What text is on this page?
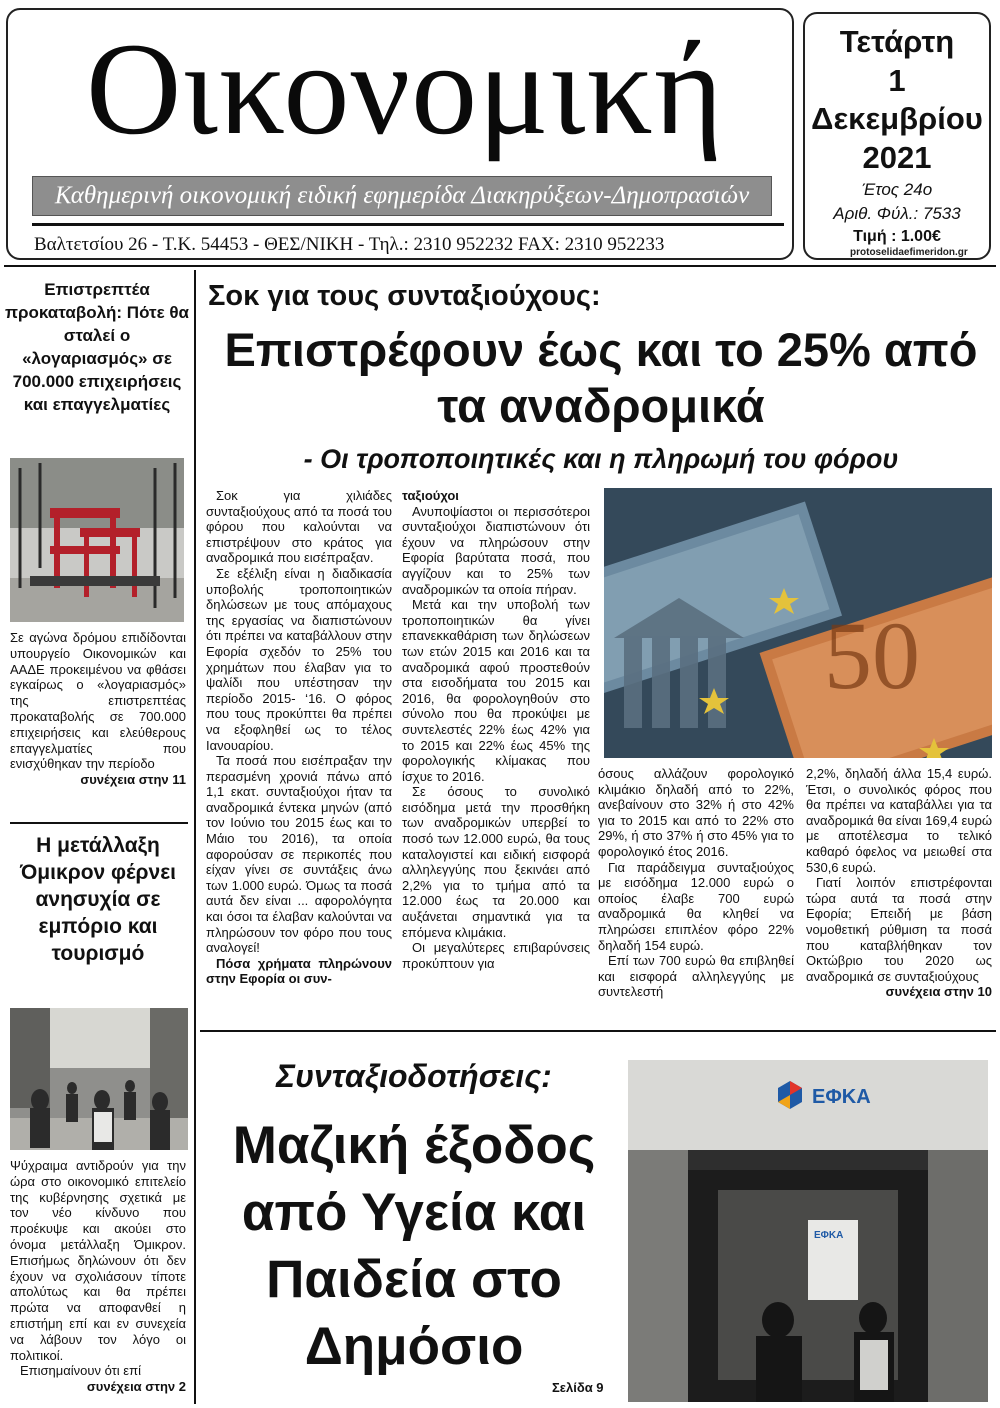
Οικονομική
Καθημερινή οικονομική ειδική εφημερίδα Διακηρύξεων-Δημοπρασιών
Βαλτετσίου 26 - Τ.Κ. 54453 - ΘΕΣ/ΝΙΚΗ - Τηλ.: 2310 952232 FAX: 2310 952233
Τετάρτη
1
Δεκεμβρίου
2021
Έτος 24ο
Αριθ. Φύλ.: 7533
Τιμή : 1.00€
protoselidaefimeridon.gr
Επιστρεπτέα προκαταβολή: Πότε θα σταλεί ο «λογαριασμός» σε 700.000 επιχειρήσεις και επαγγελματίες

Σε αγώνα δρόμου επιδίδονται υπουργείο Οικονομικών και ΑΑΔΕ προκειμένου να φθάσει εγκαίρως ο «λογαριασμός» της επιστρεπτέας προκαταβολής σε 700.000 επιχειρήσεις και ελεύθερους επαγγελματίες που ενισχύθηκαν την περίοδο

συνέχεια στην 11

Η μετάλλαξη Όμικρον φέρνει ανησυχία σε εμπόριο και τουρισμό

Ψύχραιμα αντιδρούν για την ώρα στο οικονομικό επιτελείο της κυβέρνησης σχετικά με τον νέο κίνδυνο που προέκυψε και ακούει στο όνομα μετάλλαξη Όμικρον. Επισήμως δηλώνουν ότι δεν έχουν να σχολιάσουν τίποτε απολύτως και θα πρέπει πρώτα να αποφανθεί η επιστήμη επί και εν συνεχεία να λάβουν τον λόγο οι πολιτικοί.

Επισημαίνουν ότι επί

συνέχεια στην 2

Σοκ για τους συνταξιούχους:
Επιστρέφουν έως και το 25% από τα αναδρομικά
- Οι τροποποιητικές και η πληρωμή του φόρου

Σοκ για χιλιάδες συνταξιούχους από τα ποσά του φόρου που καλούνται να επιστρέψουν στο κράτος για αναδρομικά που εισέπραξαν.

Σε εξέλιξη είναι η διαδικασία υποβολής τροποποιητικών δηλώσεων με τους απόμαχους της εργασίας να διαπιστώνουν ότι πρέπει να καταβάλλουν στην Εφορία σχεδόν το 25% του χρημάτων που έλαβαν για το ψαλίδι που υπέστησαν την περίοδο 2015- ‘16. Ο φόρος που τους προκύπτει θα πρέπει να εξοφληθεί ως το τέλος Ιανουαρίου.

Τα ποσά που εισέπραξαν την περασμένη χρονιά πάνω από 1,1 εκατ. συνταξιούχοι ήταν τα αναδρομικά έντεκα μηνών (από τον Ιούνιο του 2015 έως και το Μάιο του 2016), τα οποία αφορούσαν σε περικοπές που είχαν γίνει σε συντάξεις άνω των 1.000 ευρώ. Όμως τα ποσά αυτά δεν είναι ... αφορολόγητα και όσοι τα έλαβαν καλούνται να πληρώσουν τον φόρο που τους αναλογεί!

Πόσα χρήματα πληρώνουν στην Εφορία οι συν-

ταξιούχοι

Ανυποψίαστοι οι περισσότεροι συνταξιούχοι διαπιστώνουν ότι έχουν να πληρώσουν στην Εφορία βαρύτατα ποσά, που αγγίζουν και το 25% των αναδρομικών τα οποία πήραν.

Μετά και την υποβολή των τροποποιητικών θα γίνει επανεκκαθάριση των δηλώσεων των ετών 2015 και 2016 και τα αναδρομικά αφού προστεθούν στα εισοδήματα του 2015 και 2016, θα φορολογηθούν στο σύνολο που θα προκύψει με συντελεστές 22% έως 42% για το 2015 και 22% έως 45% της φορολογικής κλίμακας που ίσχυε το 2016.

Σε όσους το συνολικό εισόδημα μετά την προσθήκη των αναδρομικών υπερβεί το ποσό των 12.000 ευρώ, θα τους καταλογιστεί και ειδική εισφορά αλληλεγγύης που ξεκινάει από 2,2% για το τμήμα από τα 12.000 έως τα 20.000 και αυξάνεται σημαντικά για τα επόμενα κλιμάκια.

Οι μεγαλύτερες επιβαρύνσεις προκύπτουν για

50

όσους αλλάζουν φορολογικό κλιμάκιο δηλαδή από το 22%, ανεβαίνουν στο 32% ή στο 42% για το 2015 και από το 22% στο 29%, ή στο 37% ή στο 45% για το φορολογικό έτος 2016.

Για παράδειγμα συνταξιούχος με εισόδημα 12.000 ευρώ ο οποίος έλαβε 700 ευρώ αναδρομικά θα κληθεί να πληρώσει επιπλέον φόρο 22% δηλαδή 154 ευρώ.

Επί των 700 ευρώ θα επιβληθεί και εισφορά αλληλεγγύης με συντελεστή

2,2%, δηλαδή άλλα 15,4 ευρώ. Έτσι, ο συνολικός φόρος που θα πρέπει να καταβάλλει για τα αναδρομικά θα είναι 169,4 ευρώ με αποτέλεσμα το τελικό καθαρό όφελος να μειωθεί στα 530,6 ευρώ.

Γιατί λοιπόν επιστρέφονται τώρα αυτά τα ποσά στην Εφορία; Επειδή με βάση νομοθετική ρύθμιση τα ποσά που καταβλήθηκαν τον Οκτώβριο του 2020 ως αναδρομικά σε συνταξιούχους

συνέχεια στην 10

Συνταξιοδοτήσεις:
Μαζική έξοδος από Υγεία και Παιδεία στο Δημόσιο
Σελίδα 9
ΕΦΚΑ
ΕΦΚΑ
